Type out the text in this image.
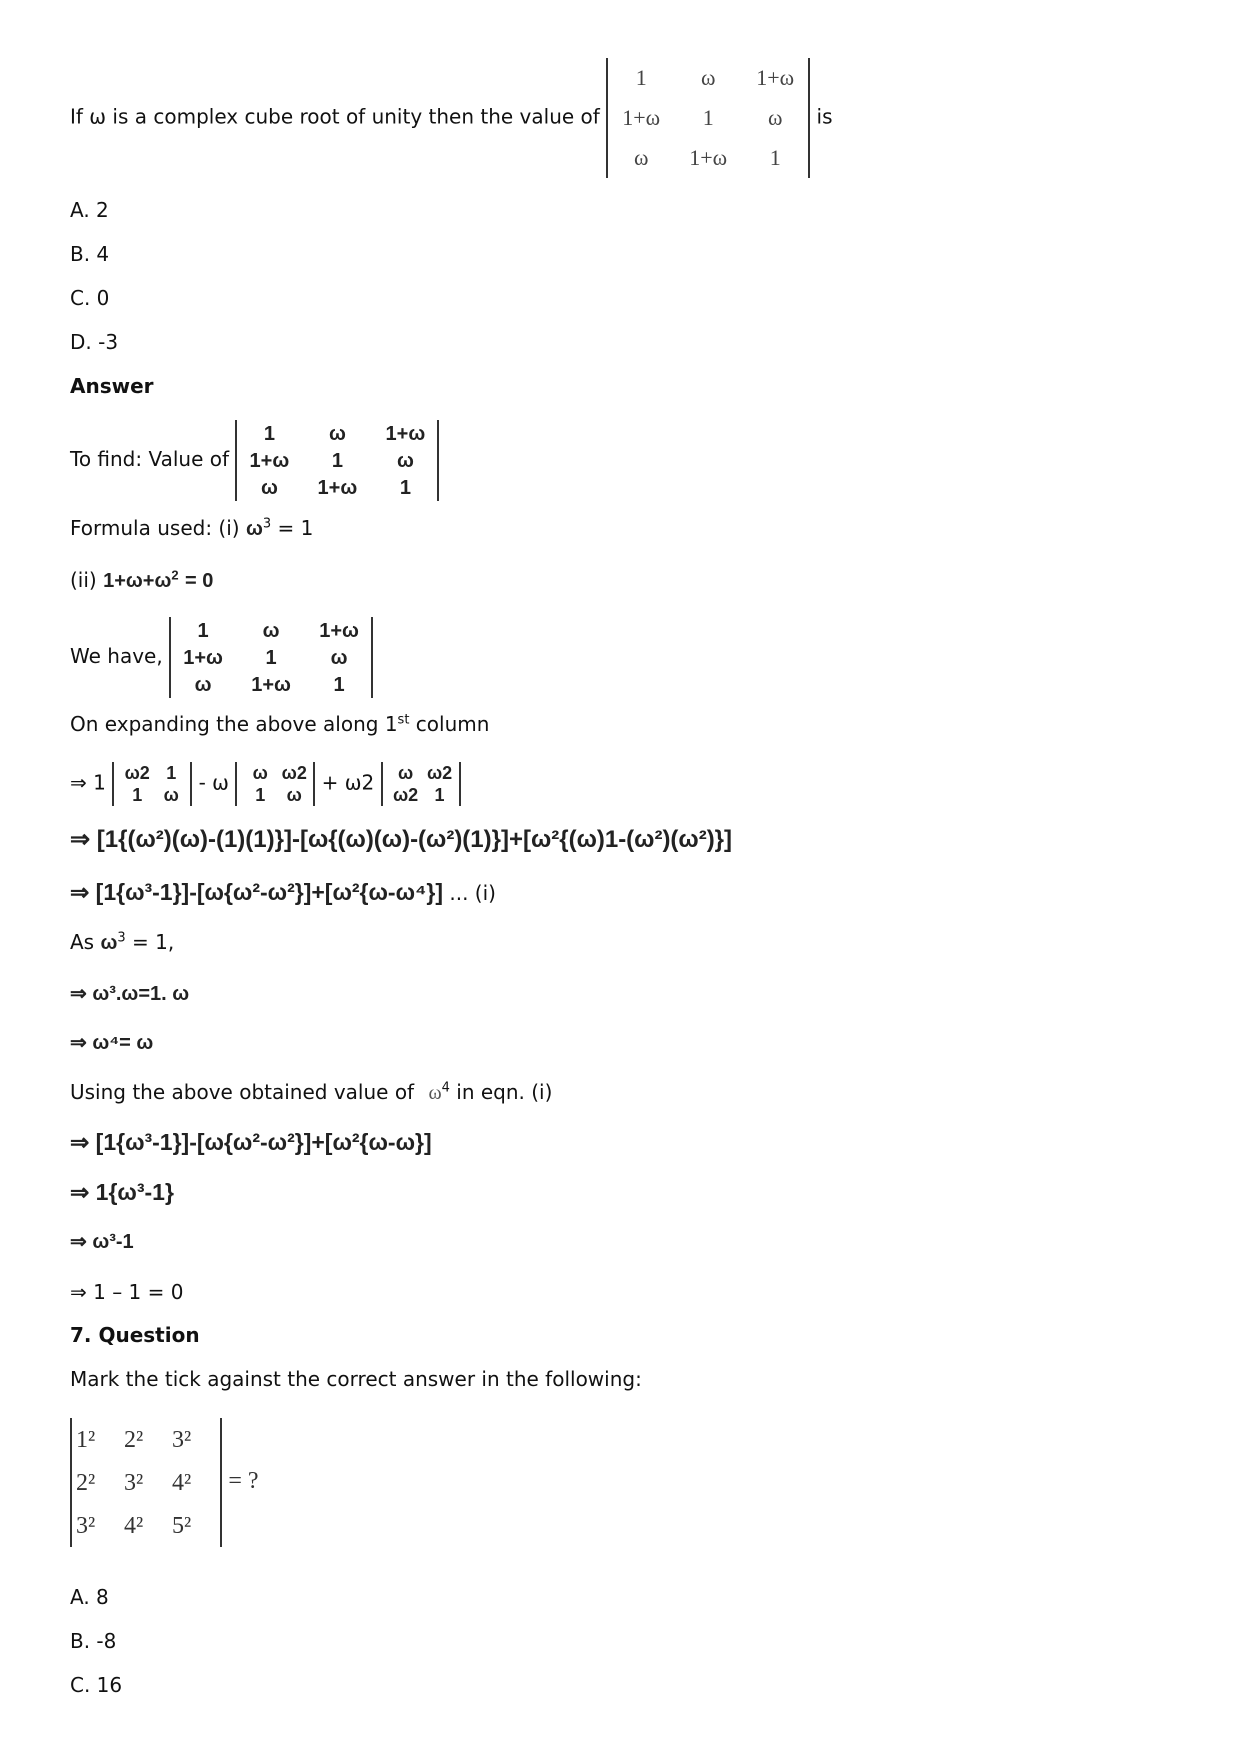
If ω is a complex cube root of unity then the value of
1	ω	1+ω
1+ω	1	ω
ω	1+ω	1
is
A. 2
B. 4
C. 0
D. -3
Answer
To find: Value of
1	ω	1+ω
1+ω	1	ω
ω	1+ω	1
Formula used: (i) $\omega^3 = 1$
(ii) $1+\omega+\omega^2 = 0$
We have,
1	ω	1+ω
1+ω	1	ω
ω	1+ω	1
On expanding the above along 1st column
⇒ 1	ω2 1
1	ω
- ω	ω ω2
1	ω
+ ω2	ω ω2
ω2 1
⇒ [1{(ω²)(ω)-(1)(1)}]-[ω{(ω)(ω)-(ω²)(1)}]+[ω²{(ω)1-(ω²)(ω²)}]
⇒ [1{ω³-1}]-[ω{ω²-ω²}]+[ω²{ω-ω⁴}] ... (i)
As $\omega^3 = 1$,
⇒ ω³.ω=1. ω
⇒ ω⁴= ω
Using the above obtained value of $\omega^4$ in eqn. (i)
⇒ [1{ω³-1}]-[ω{ω²-ω²}]+[ω²{ω-ω}]
⇒ 1{ω³-1}
⇒ ω³-1
⇒ 1 – 1 = 0
7. Question
Mark the tick against the correct answer in the following:
1²	2²	3²
2²	3²	4²
3²	4²	5²
= ?
A. 8
B. -8
C. 16
